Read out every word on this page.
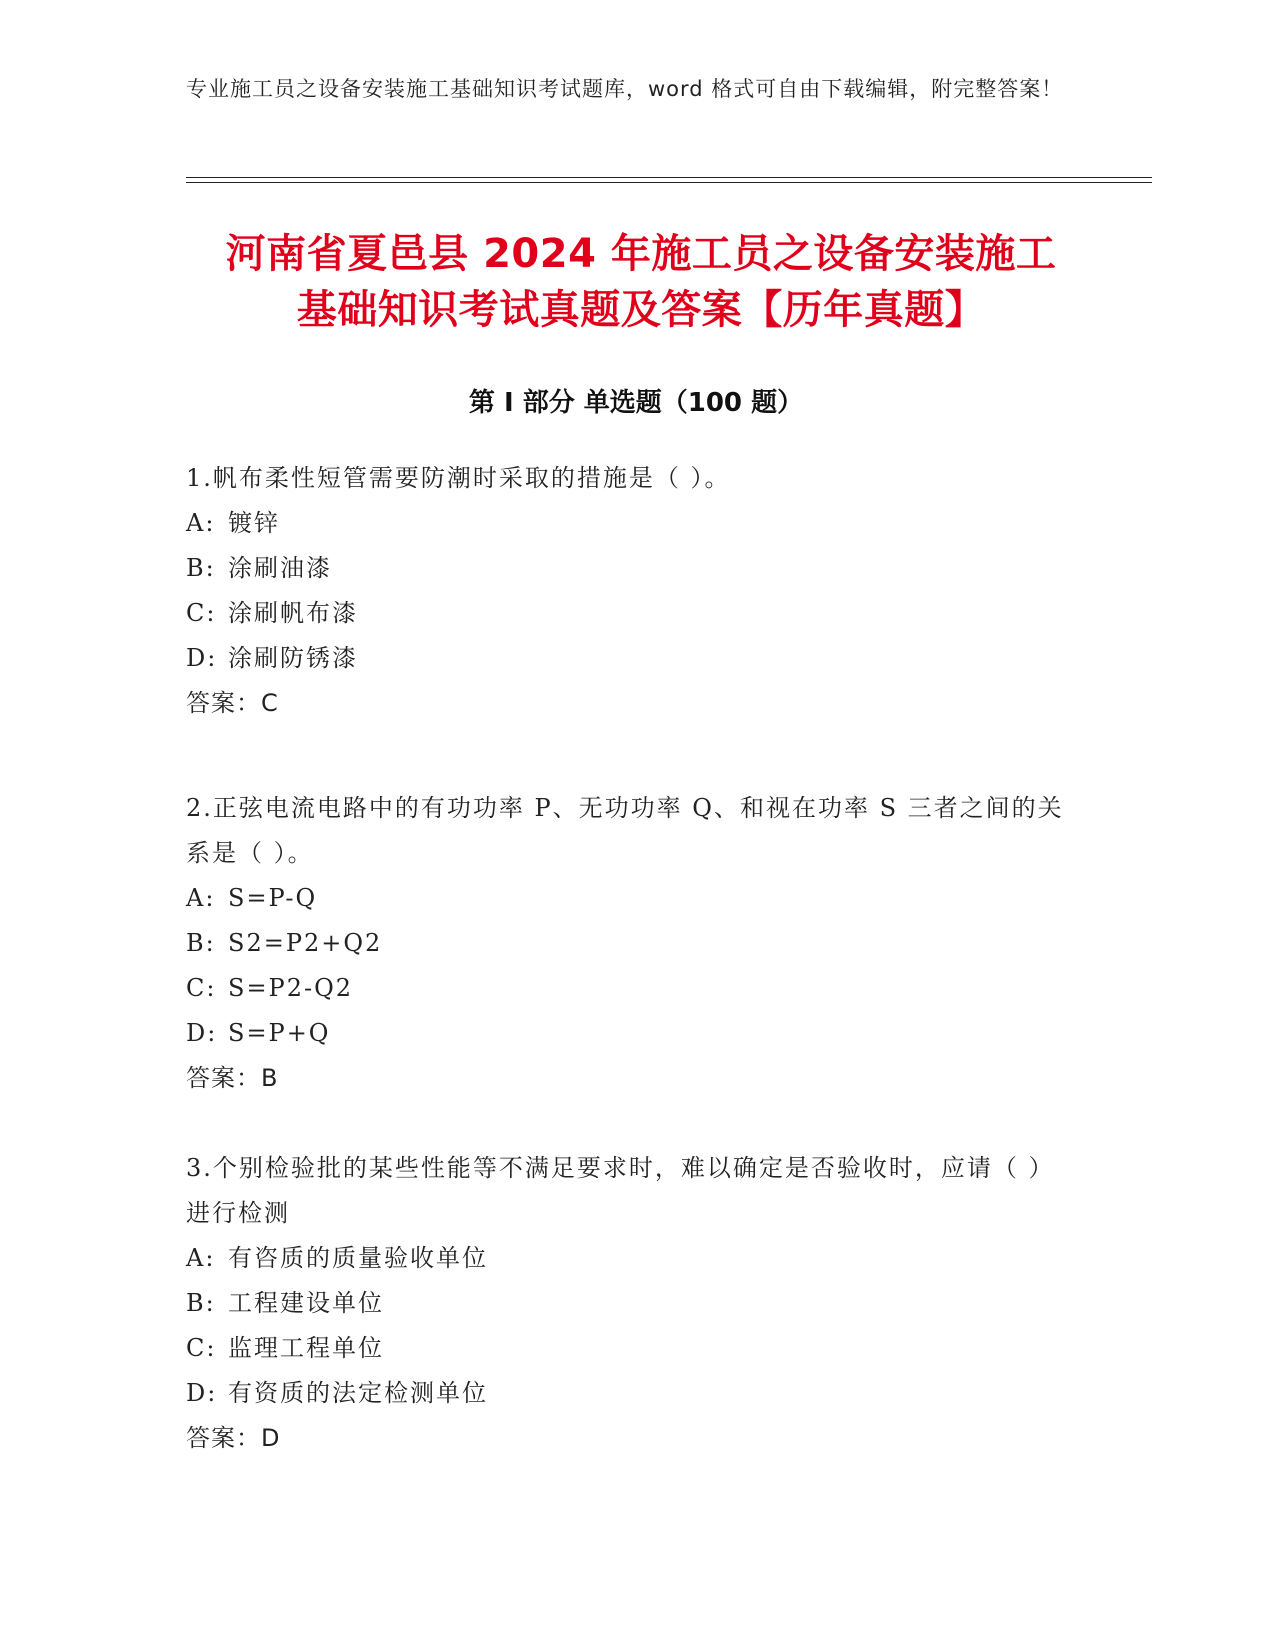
专业施工员之设备安装施工基础知识考试题库，word 格式可自由下载编辑，附完整答案！
河南省夏邑县 2024 年施工员之设备安装施工
基础知识考试真题及答案【历年真题】
第 I 部分 单选题（100 题）
1.帆布柔性短管需要防潮时采取的措施是（ ）。
A: 镀锌
B: 涂刷油漆
C: 涂刷帆布漆
D: 涂刷防锈漆
答案：C
2.正弦电流电路中的有功功率 P、无功功率 Q、和视在功率 S 三者之间的关系是（ ）。
A: S=P-Q
B: S2=P2+Q2
C: S=P2-Q2
D: S=P+Q
答案：B
3.个别检验批的某些性能等不满足要求时，难以确定是否验收时，应请（ ）进行检测
A: 有咨质的质量验收单位
B: 工程建设单位
C: 监理工程单位
D: 有资质的法定检测单位
答案：D
